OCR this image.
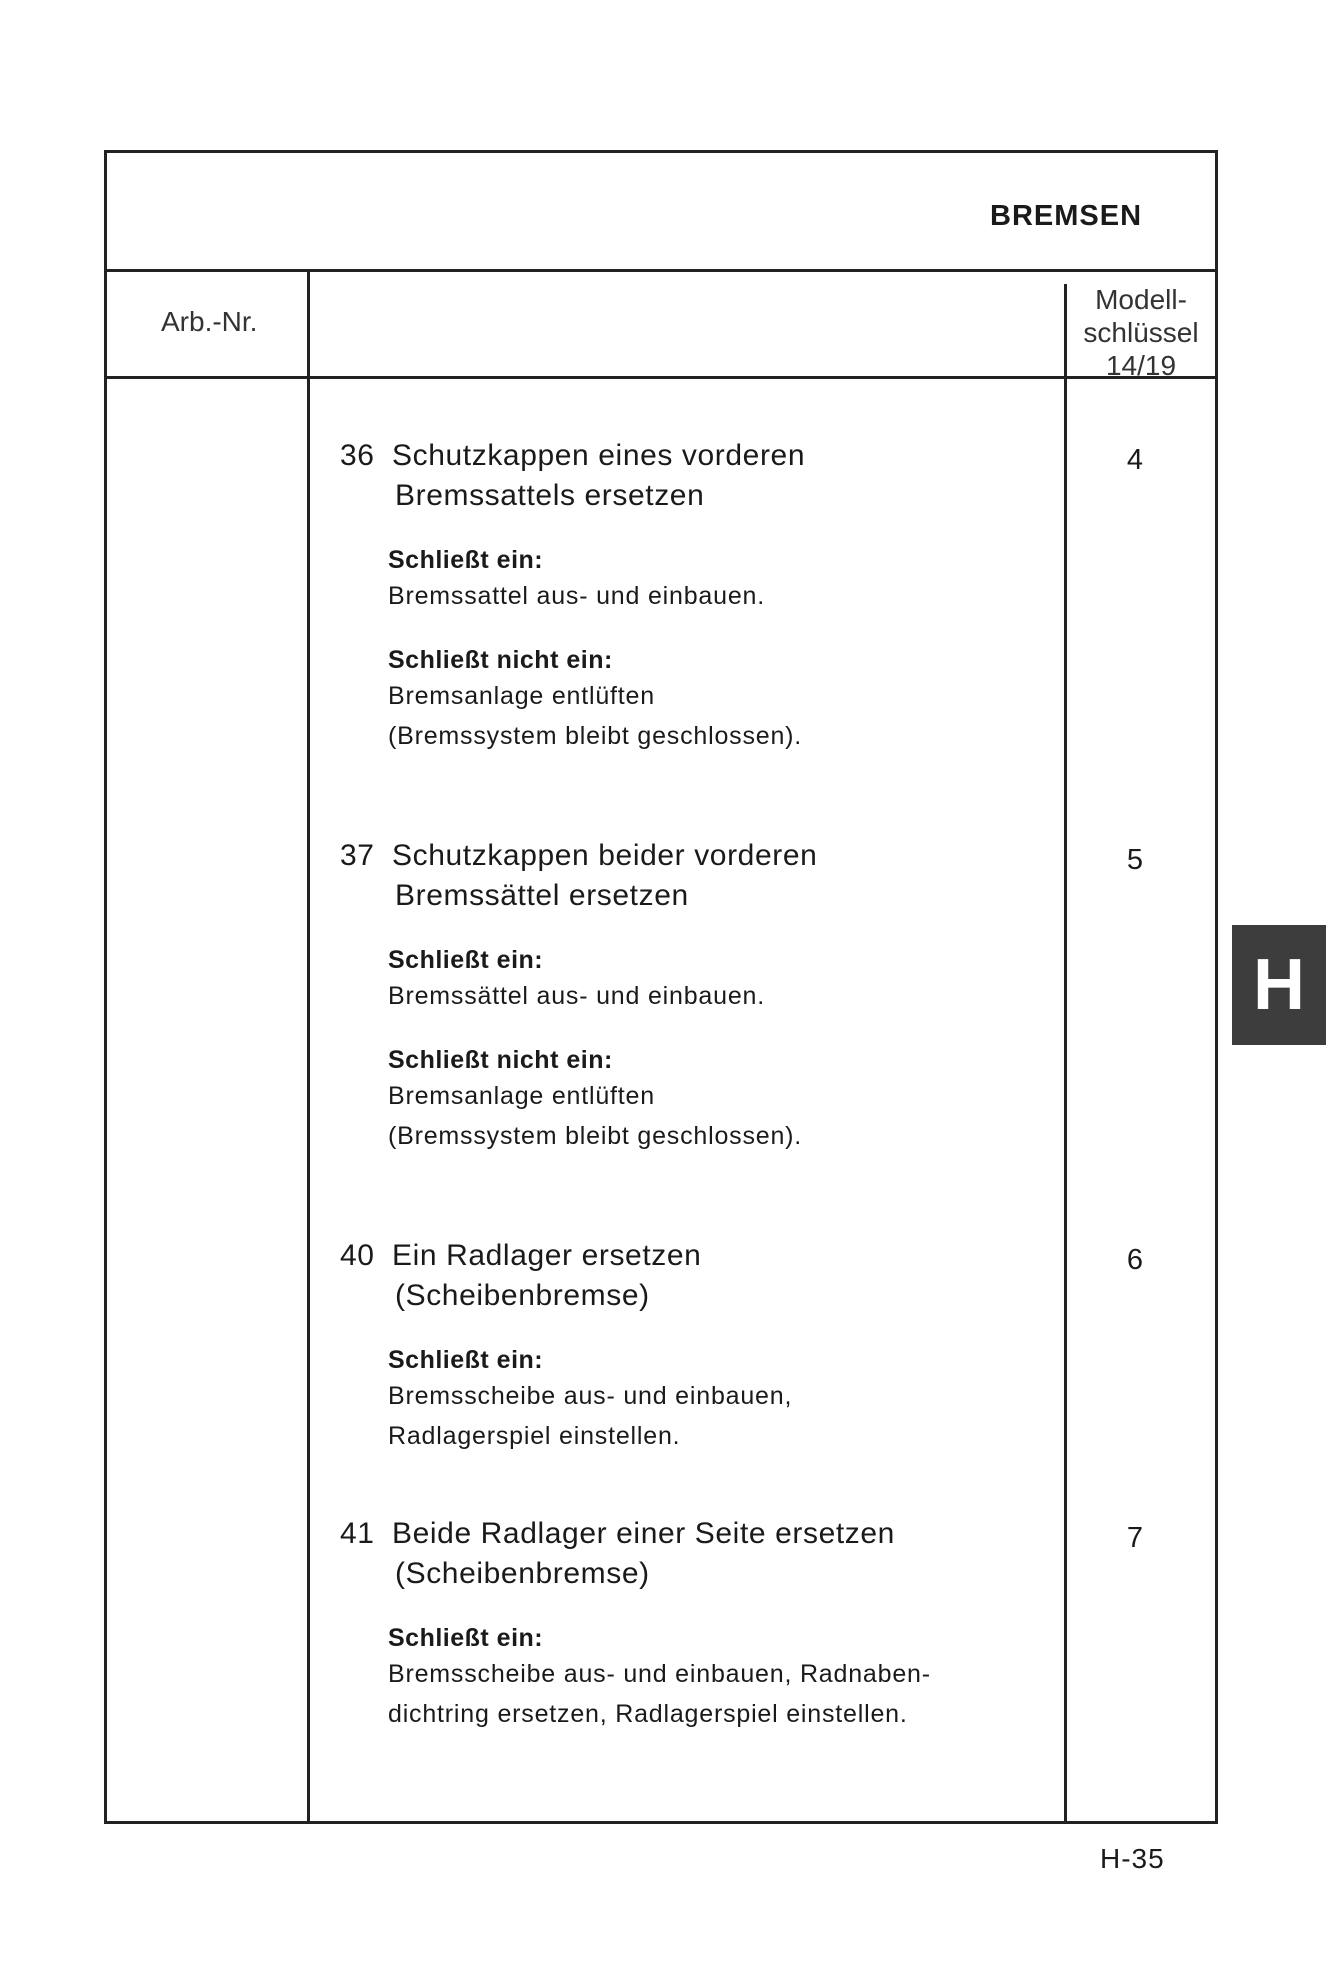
BREMSEN
Arb.-Nr.
Modell-
schlüssel
14/19
36 Schutzkappen eines vorderen
Bremssattels ersetzen
Schließt ein:
Bremssattel aus- und einbauen.
Schließt nicht ein:
Bremsanlage entlüften
(Bremssystem bleibt geschlossen).
4
37 Schutzkappen beider vorderen
Bremssättel ersetzen
Schließt ein:
Bremssättel aus- und einbauen.
Schließt nicht ein:
Bremsanlage entlüften
(Bremssystem bleibt geschlossen).
5
40 Ein Radlager ersetzen
(Scheibenbremse)
Schließt ein:
Bremsscheibe aus- und einbauen,
Radlagerspiel einstellen.
6
41 Beide Radlager einer Seite ersetzen
(Scheibenbremse)
Schließt ein:
Bremsscheibe aus- und einbauen, Radnaben-
dichtring ersetzen, Radlagerspiel einstellen.
7
H
H-35
